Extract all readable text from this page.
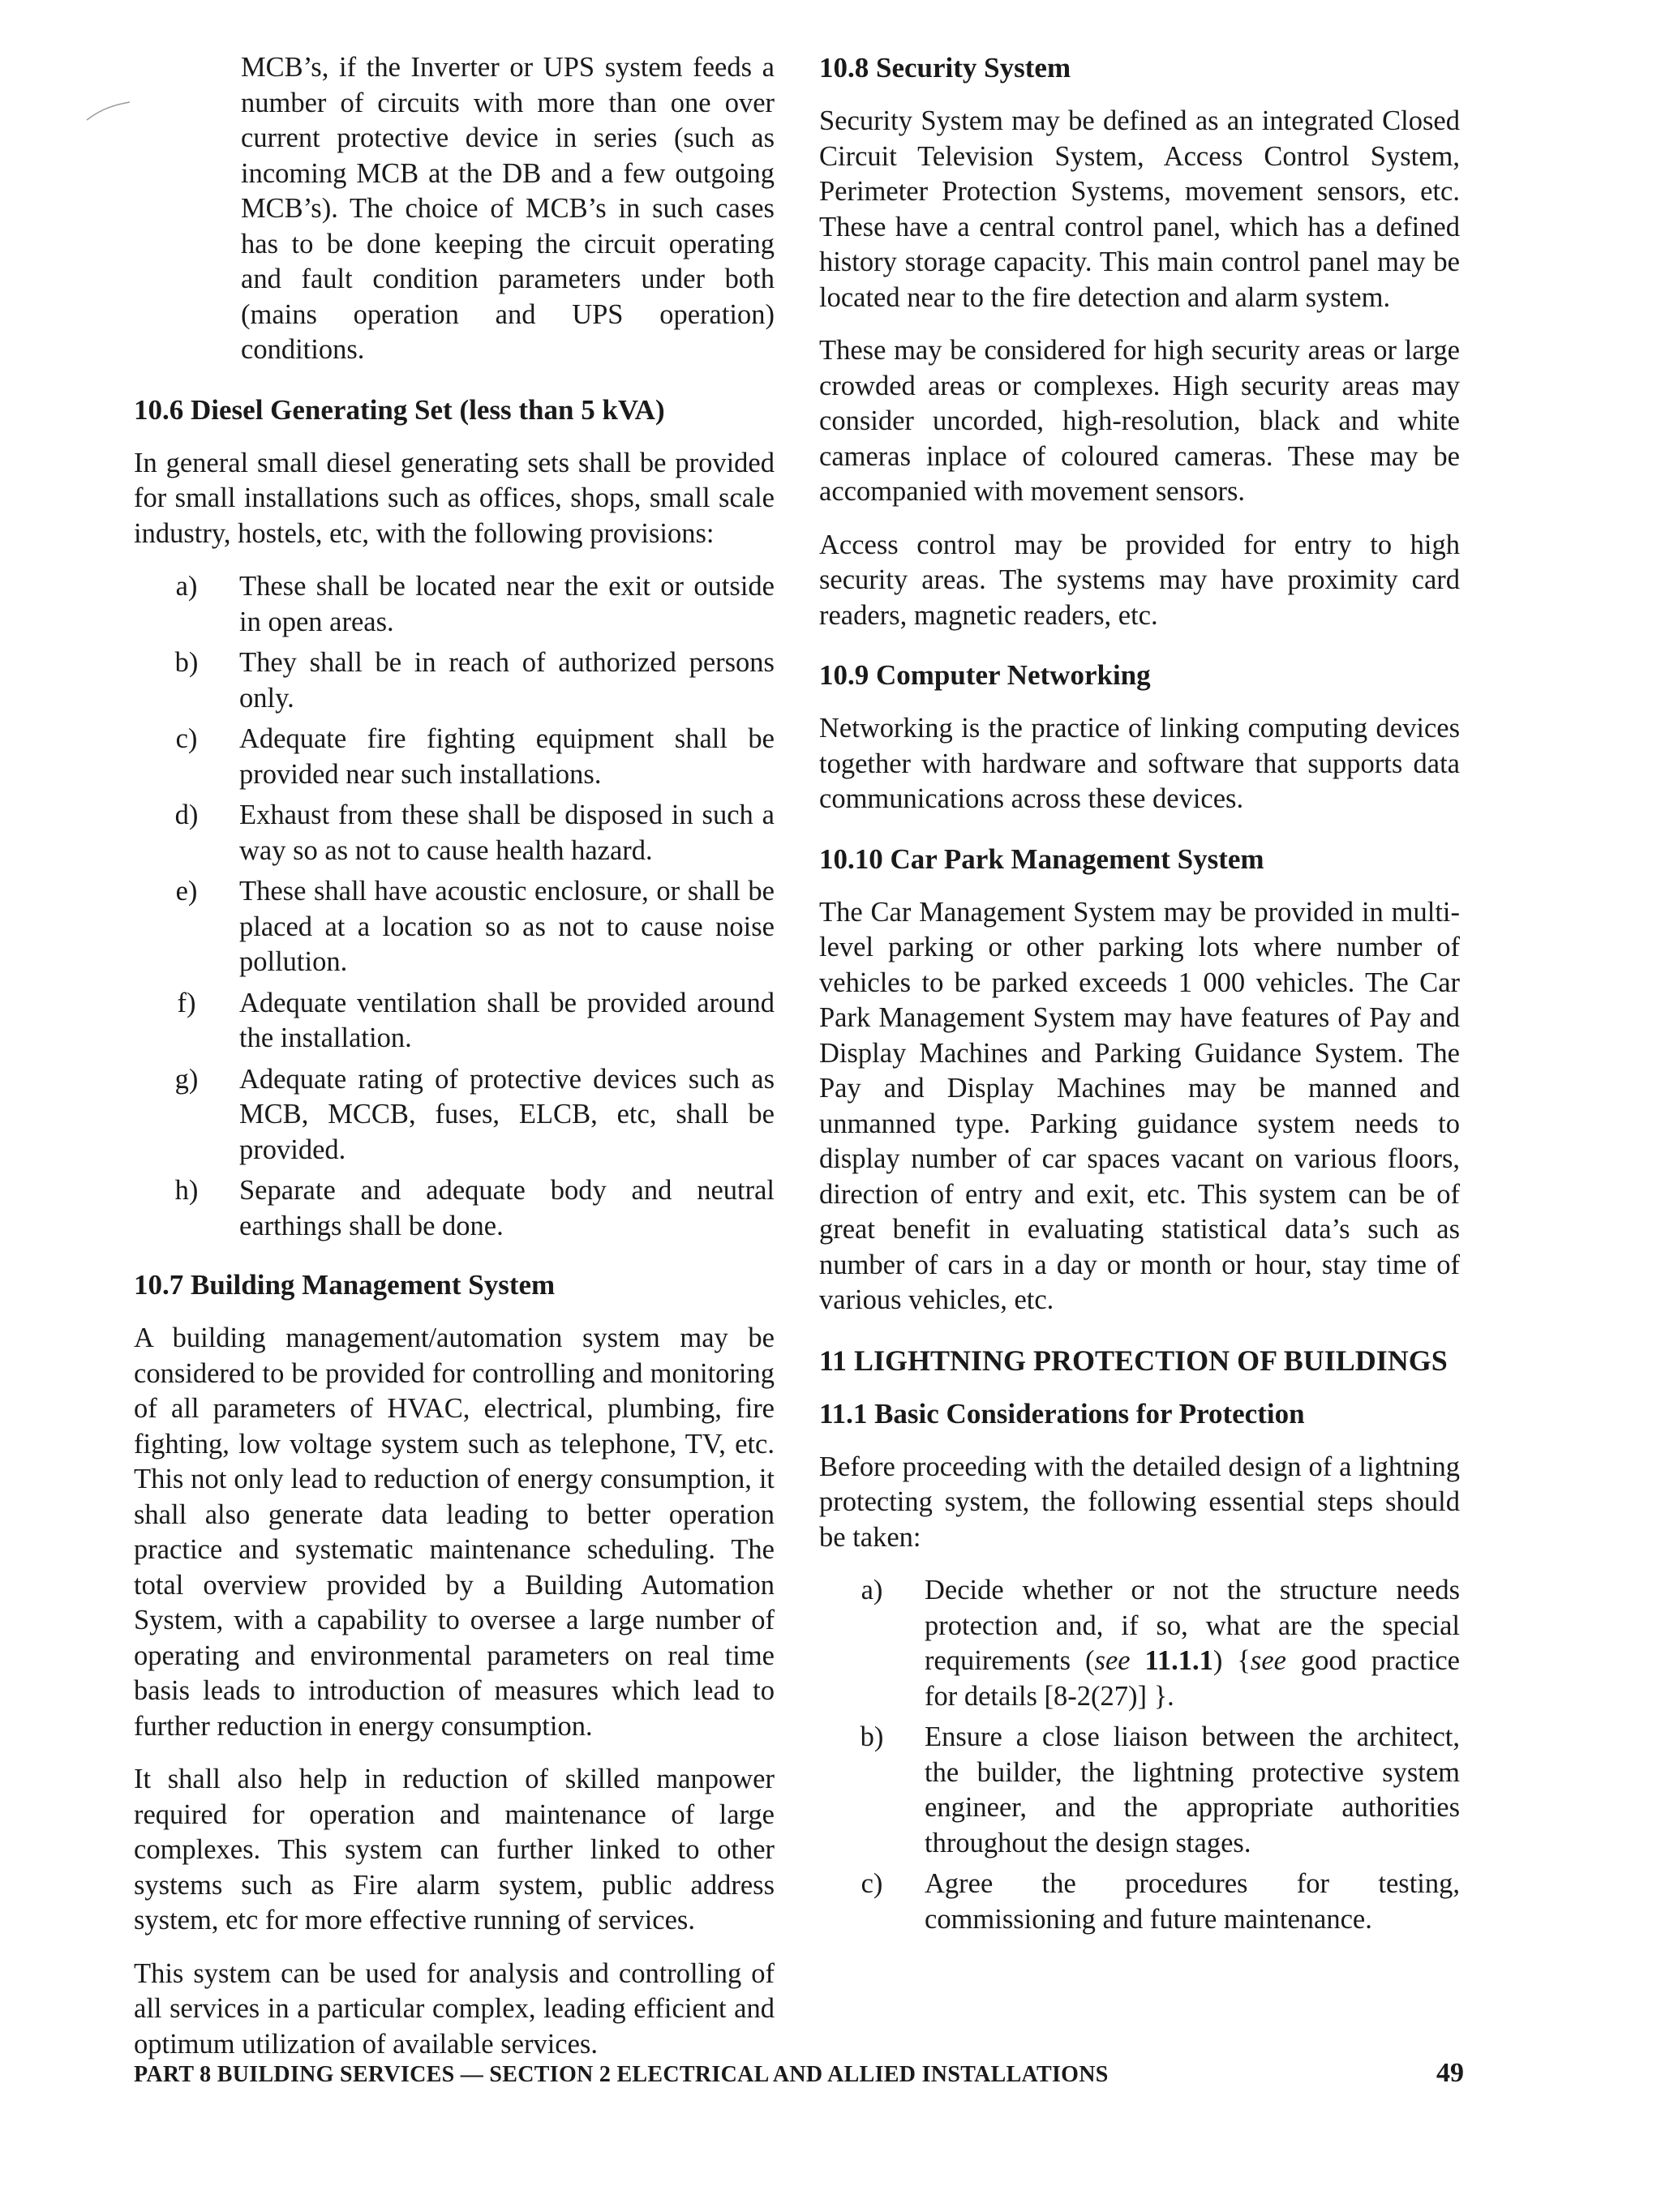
MCB’s, if the Inverter or UPS system feeds a number of circuits with more than one over current protective device in series (such as incoming MCB at the DB and a few outgoing MCB’s). The choice of MCB’s in such cases has to be done keeping the circuit operating and fault condition parameters under both (mains operation and UPS operation) conditions.

10.6 Diesel Generating Set (less than 5 kVA)

In general small diesel generating sets shall be provided for small installations such as offices, shops, small scale industry, hostels, etc, with the following provisions:

a)	These shall be located near the exit or outside in open areas.
b)	They shall be in reach of authorized persons only.
c)	Adequate fire fighting equipment shall be provided near such installations.
d)	Exhaust from these shall be disposed in such a way so as not to cause health hazard.
e)	These shall have acoustic enclosure, or shall be placed at a location so as not to cause noise pollution.
f)	Adequate ventilation shall be provided around the installation.
g)	Adequate rating of protective devices such as MCB, MCCB, fuses, ELCB, etc, shall be provided.
h)	Separate and adequate body and neutral earthings shall be done.
10.7 Building Management System

A building management/automation system may be considered to be provided for controlling and monitoring of all parameters of HVAC, electrical, plumbing, fire fighting, low voltage system such as telephone, TV, etc. This not only lead to reduction of energy consumption, it shall also generate data leading to better operation practice and systematic maintenance scheduling. The total overview provided by a Building Automation System, with a capability to oversee a large number of operating and environmental parameters on real time basis leads to introduction of measures which lead to further reduction in energy consumption.

It shall also help in reduction of skilled manpower required for operation and maintenance of large complexes. This system can further linked to other systems such as Fire alarm system, public address system, etc for more effective running of services.

This system can be used for analysis and controlling of all services in a particular complex, leading efficient and optimum utilization of available services.

10.8 Security System

Security System may be defined as an integrated Closed Circuit Television System, Access Control System, Perimeter Protection Systems, movement sensors, etc. These have a central control panel, which has a defined history storage capacity. This main control panel may be located near to the fire detection and alarm system.

These may be considered for high security areas or large crowded areas or complexes. High security areas may consider uncorded, high-resolution, black and white cameras inplace of coloured cameras. These may be accompanied with movement sensors.

Access control may be provided for entry to high security areas. The systems may have proximity card readers, magnetic readers, etc.

10.9 Computer Networking

Networking is the practice of linking computing devices together with hardware and software that supports data communications across these devices.

10.10 Car Park Management System

The Car Management System may be provided in multi-level parking or other parking lots where number of vehicles to be parked exceeds 1 000 vehicles. The Car Park Management System may have features of Pay and Display Machines and Parking Guidance System. The Pay and Display Machines may be manned and unmanned type. Parking guidance system needs to display number of car spaces vacant on various floors, direction of entry and exit, etc. This system can be of great benefit in evaluating statistical data’s such as number of cars in a day or month or hour, stay time of various vehicles, etc.

11 LIGHTNING PROTECTION OF BUILDINGS
11.1 Basic Considerations for Protection

Before proceeding with the detailed design of a lightning protecting system, the following essential steps should be taken:

a)	Decide whether or not the structure needs protection and, if so, what are the special requirements (see 11.1.1) {see good practice for details [8-2(27)] }.
b)	Ensure a close liaison between the architect, the builder, the lightning protective system engineer, and the appropriate authorities throughout the design stages.
c)	Agree the procedures for testing, commissioning and future maintenance.
PART 8 BUILDING SERVICES — SECTION 2 ELECTRICAL AND ALLIED INSTALLATIONS	49
